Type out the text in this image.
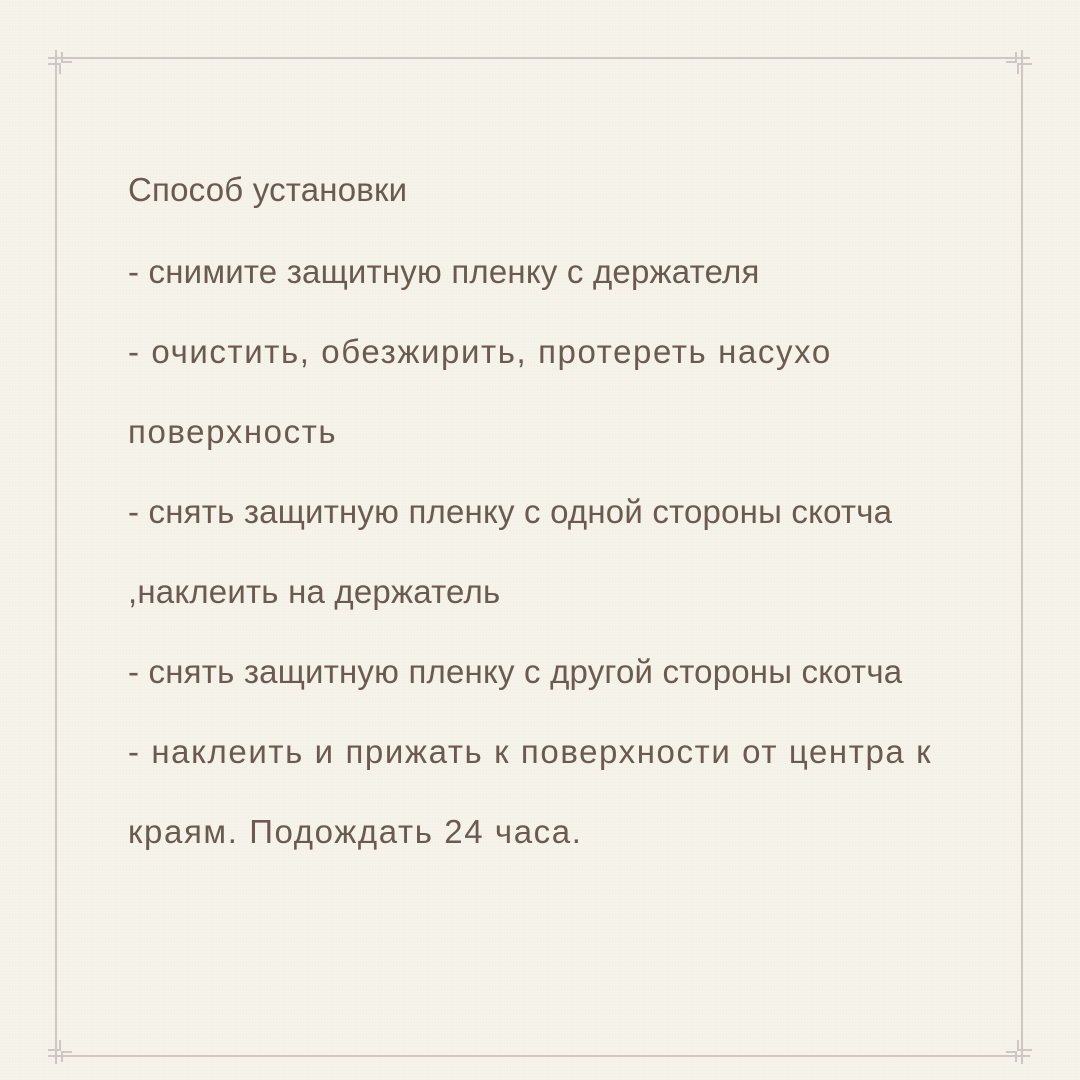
Способ установки
- снимите защитную пленку с держателя
- очистить, обезжирить, протереть насухо поверхность
- снять защитную пленку с одной стороны скотча ,наклеить на держатель
- снять защитную пленку с другой стороны скотча
- наклеить и прижать к поверхности от центра к краям. Подождать 24 часа.
